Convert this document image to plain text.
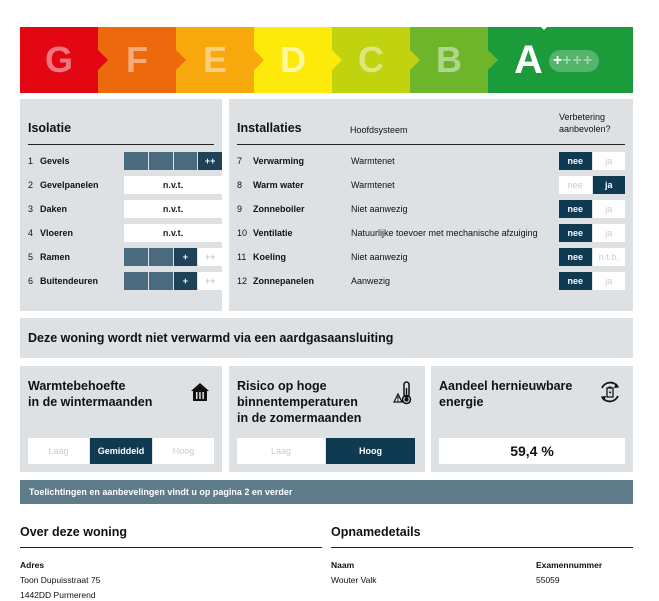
G F E D C B A + +++
Isolatie
1 Gevels	++
2 Gevelpanelen	n.v.t.
3 Daken	n.v.t.
4 Vloeren	n.v.t.
5 Ramen	+	++
6 Buitendeuren	+	++
Installaties	Hoofdsysteem
Verbetering
aanbevolen?
7	Verwarming	Warmtenet	nee	ja
8	Warm water	Warmtenet	nee	ja
9	Zonneboiler	Niet aanwezig	nee	ja
10 Ventilatie	Natuurlijke toevoer met mechanische afzuiging	nee	ja
11 Koeling	Niet aanwezig	nee	n.t.b.
12 Zonnepanelen	Aanwezig	nee	ja
Deze woning wordt niet verwarmd via een aardgasaansluiting
Warmtebehoefte
in de wintermaanden
Laag	Gemiddeld	Hoog
Risico op hoge
binnentemperaturen
in de zomermaanden
Laag	Hoog
Aandeel hernieuwbare
energie
59,4 %
Toelichtingen en aanbevelingen vindt u op pagina 2 en verder
Over deze woning
Adres
Toon Dupuisstraat 75
1442DD Purmerend
Opnamedetails
Naam
Wouter Valk
Examennummer
55059
